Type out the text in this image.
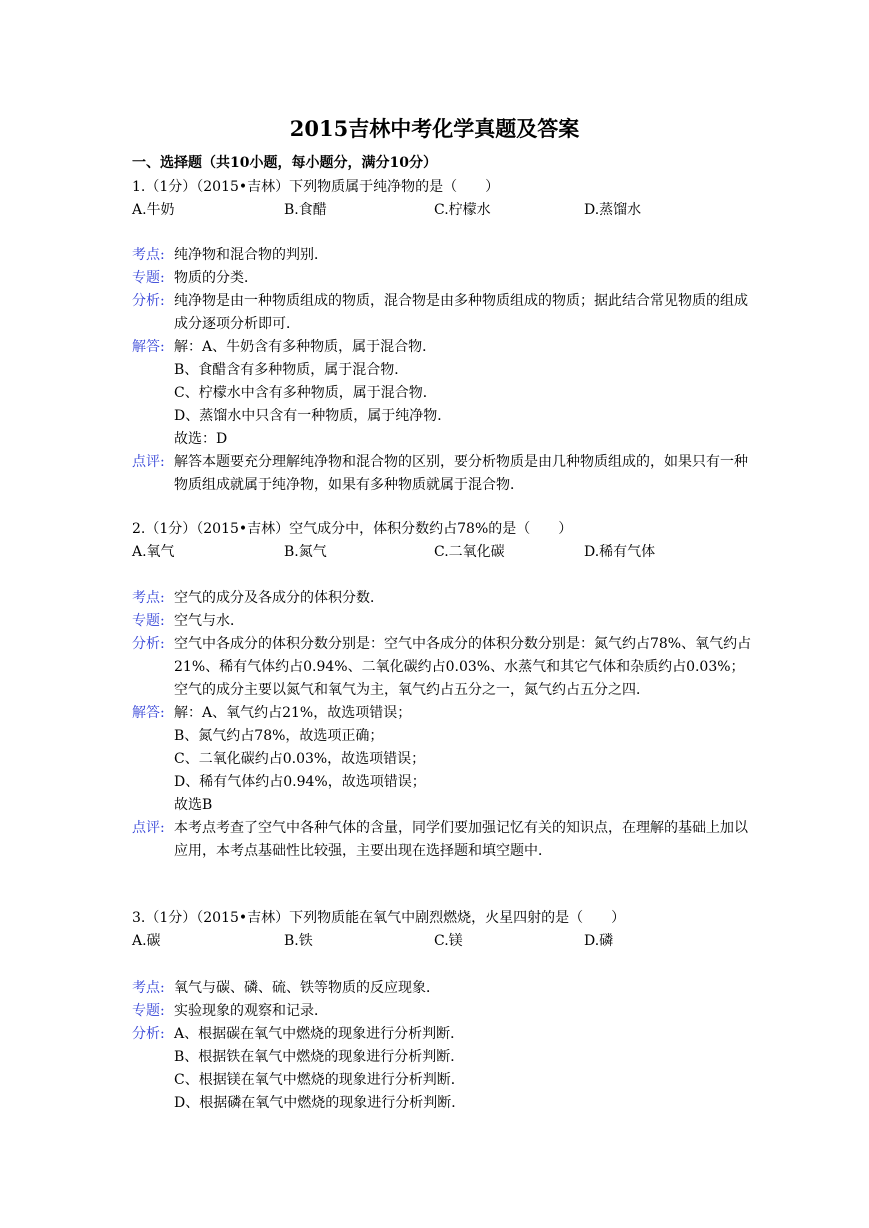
2015吉林中考化学真题及答案
一、选择题（共10小题，每小题分，满分10分）
1.（1分）（2015•吉林）下列物质属于纯净物的是（　　）
A.牛奶	B.食醋	C.柠檬水	D.蒸馏水
考点: 纯净物和混合物的判别．
专题: 物质的分类．
分析: 纯净物是由一种物质组成的物质，混合物是由多种物质组成的物质；据此结合常见物质的组成成分逐项分析即可．
解答: 解：A、牛奶含有多种物质，属于混合物．
B、食醋含有多种物质，属于混合物．
C、柠檬水中含有多种物质，属于混合物．
D、蒸馏水中只含有一种物质，属于纯净物．
故选：D
点评: 解答本题要充分理解纯净物和混合物的区别，要分析物质是由几种物质组成的，如果只有一种物质组成就属于纯净物，如果有多种物质就属于混合物．
2.（1分）（2015•吉林）空气成分中，体积分数约占78%的是（　　）
A.氧气	B.氮气	C.二氧化碳	D.稀有气体
考点: 空气的成分及各成分的体积分数．
专题: 空气与水．
分析: 空气中各成分的体积分数分别是：空气中各成分的体积分数分别是：氮气约占78%、氧气约占21%、稀有气体约占0.94%、二氧化碳约占0.03%、水蒸气和其它气体和杂质约占0.03%；空气的成分主要以氮气和氧气为主，氧气约占五分之一，氮气约占五分之四．
解答: 解：A、氧气约占21%，故选项错误；
B、氮气约占78%，故选项正确；
C、二氧化碳约占0.03%，故选项错误；
D、稀有气体约占0.94%，故选项错误；
故选B
点评: 本考点考查了空气中各种气体的含量，同学们要加强记忆有关的知识点，在理解的基础上加以应用，本考点基础性比较强，主要出现在选择题和填空题中．
3.（1分）（2015•吉林）下列物质能在氧气中剧烈燃烧，火星四射的是（　　）
A.碳	B.铁	C.镁	D.磷
考点: 氧气与碳、磷、硫、铁等物质的反应现象．
专题: 实验现象的观察和记录．
分析: A、根据碳在氧气中燃烧的现象进行分析判断．
B、根据铁在氧气中燃烧的现象进行分析判断．
C、根据镁在氧气中燃烧的现象进行分析判断．
D、根据磷在氧气中燃烧的现象进行分析判断．
